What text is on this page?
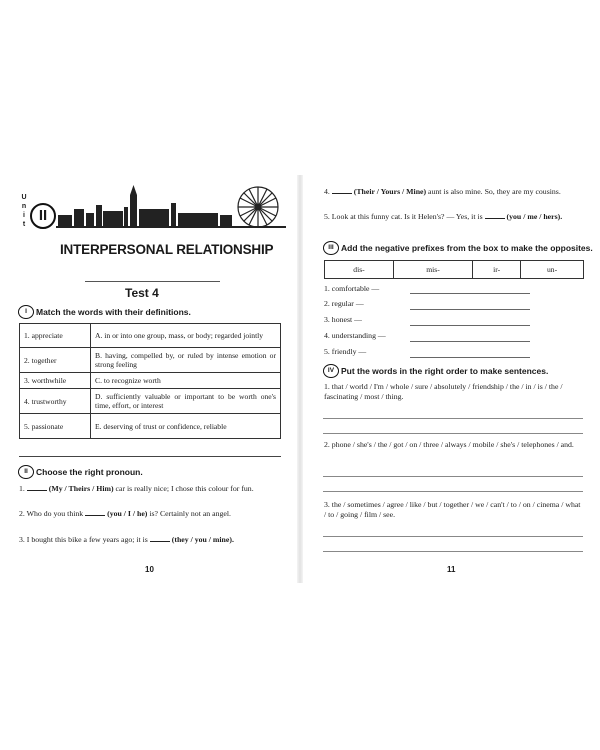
U
n
i
t
II
INTERPERSONAL RELATIONSHIP
Test 4
I	Match the words with their definitions.
1. appreciate	A. in or into one group, mass, or body; regarded jointly
2. together	B. having, compelled by, or ruled by intense emotion or strong feeling
3. worthwhile	C. to recognize worth
4. trustworthy	D. sufficiently valuable or important to be worth one's time, effort, or interest
5. passionate	E. deserving of trust or confidence, reliable
II Choose the right pronoun.
1.	(My / Theirs / Him) car is really nice; I chose this colour for fun.
2. Who do you think	(you / I / he) is? Certainly not an angel.
3. I bought this bike a few years ago; it is	(they / you / mine).
10
4.	(Their / Yours / Mine) aunt is also mine. So, they are my cousins.
5. Look at this funny cat. Is it Helen's? — Yes, it is	(you / me / hers).
III Add the negative prefixes from the box to make the opposites.
dis-	mis-	ir-	un-
1. comfortable —
2. regular —
3. honest —
4. understanding —
5. friendly —
IV Put the words in the right order to make sentences.
1. that / world / I'm / whole / sure / absolutely / friendship / the / in / is / the / fascinating / most / thing.
2. phone / she's / the / got / on / three / always / mobile / she's / telephones / and.
3. the / sometimes / agree / like / but / together / we / can't / to / on / cinema / what / to / going / film / see.
11
